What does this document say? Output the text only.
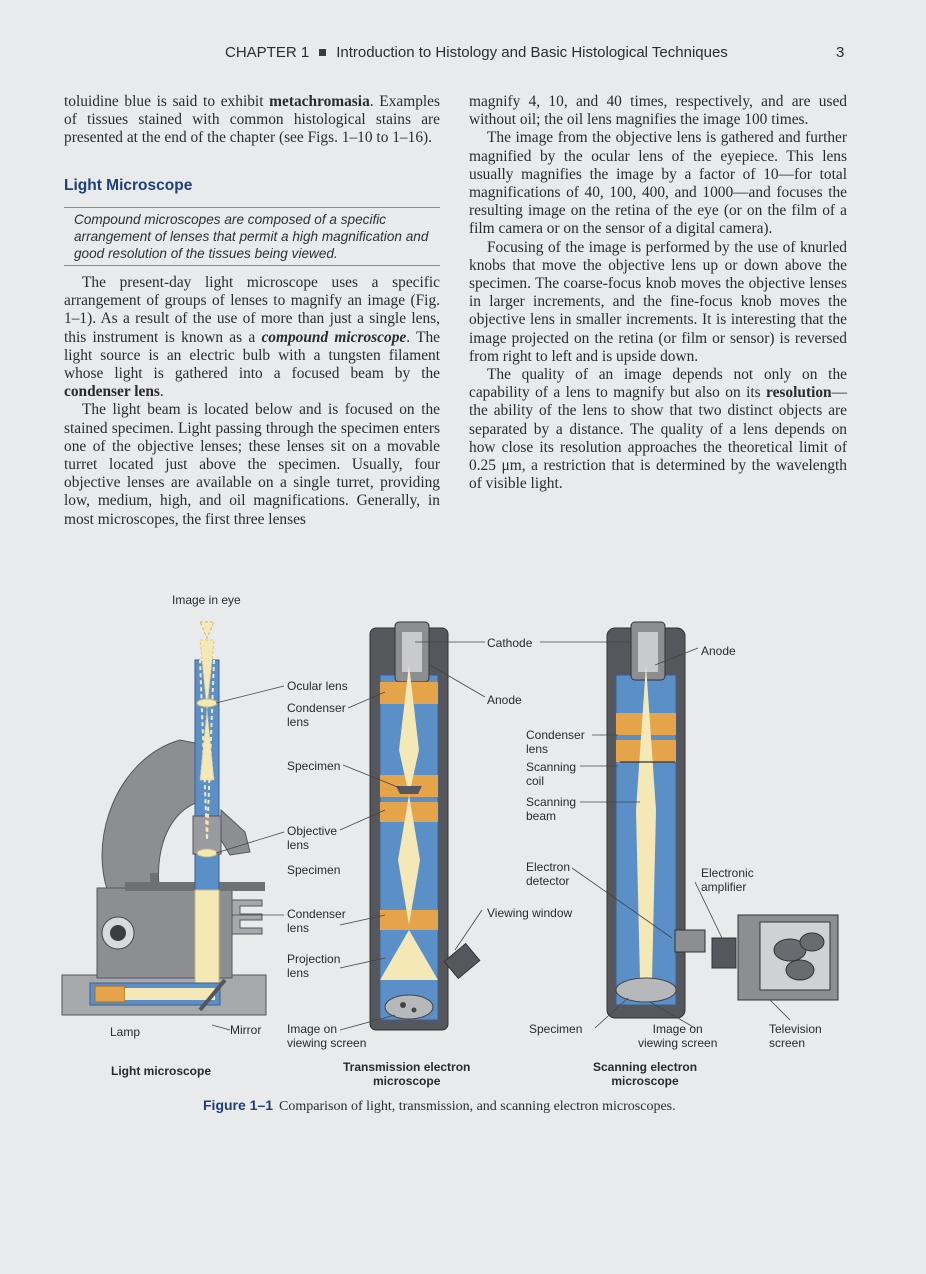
CHAPTER 1 Introduction to Histology and Basic Histological Techniques	3

toluidine blue is said to exhibit metachromasia. Examples of tissues stained with common histological stains are presented at the end of the chapter (see Figs. 1–10 to 1–16).

Light Microscope
Compound microscopes are composed of a specific arrangement of lenses that permit a high magnification and good resolution of the tissues being viewed.

The present-day light microscope uses a specific arrangement of groups of lenses to magnify an image (Fig. 1–1). As a result of the use of more than just a single lens, this instrument is known as a compound microscope. The light source is an electric bulb with a tungsten filament whose light is gathered into a focused beam by the condenser lens.

The light beam is located below and is focused on the stained specimen. Light passing through the specimen enters one of the objective lenses; these lenses sit on a movable turret located just above the specimen. Usually, four objective lenses are available on a single turret, providing low, medium, high, and oil magnifications. Generally, in most microscopes, the first three lenses

magnify 4, 10, and 40 times, respectively, and are used without oil; the oil lens magnifies the image 100 times.

The image from the objective lens is gathered and further magnified by the ocular lens of the eyepiece. This lens usually magnifies the image by a factor of 10—for total magnifications of 40, 100, 400, and 1000—and focuses the resulting image on the retina of the eye (or on the film of a film camera or on the sensor of a digital camera).

Focusing of the image is performed by the use of knurled knobs that move the objective lens up or down above the specimen. The coarse-focus knob moves the objective lenses in larger increments, and the fine-focus knob moves the objective lens in smaller increments. It is interesting that the image projected on the retina (or film or sensor) is reversed from right to left and is upside down.

The quality of an image depends not only on the capability of a lens to magnify but also on its resolution—the ability of the lens to show that two distinct objects are separated by a distance. The quality of a lens depends on how close its resolution approaches the theoretical limit of 0.25 μm, a restriction that is determined by the wavelength of visible light.

Image in eye
Ocular lens
Condenser
lens
Specimen
Objective
lens
Specimen
Condenser
lens
Projection
lens
Image on
viewing screen
Lamp	Mirror
Cathode
Anode
Anode
Condenser
lens
Scanning
coil
Scanning
beam
Electron
detector
Viewing window
Specimen
Electronic
amplifier
Image on
viewing screen
Television
screen
Light microscope	Transmission electron
microscope
Scanning electron
microscope
Figure 1–1 Comparison of light, transmission, and scanning electron microscopes.
